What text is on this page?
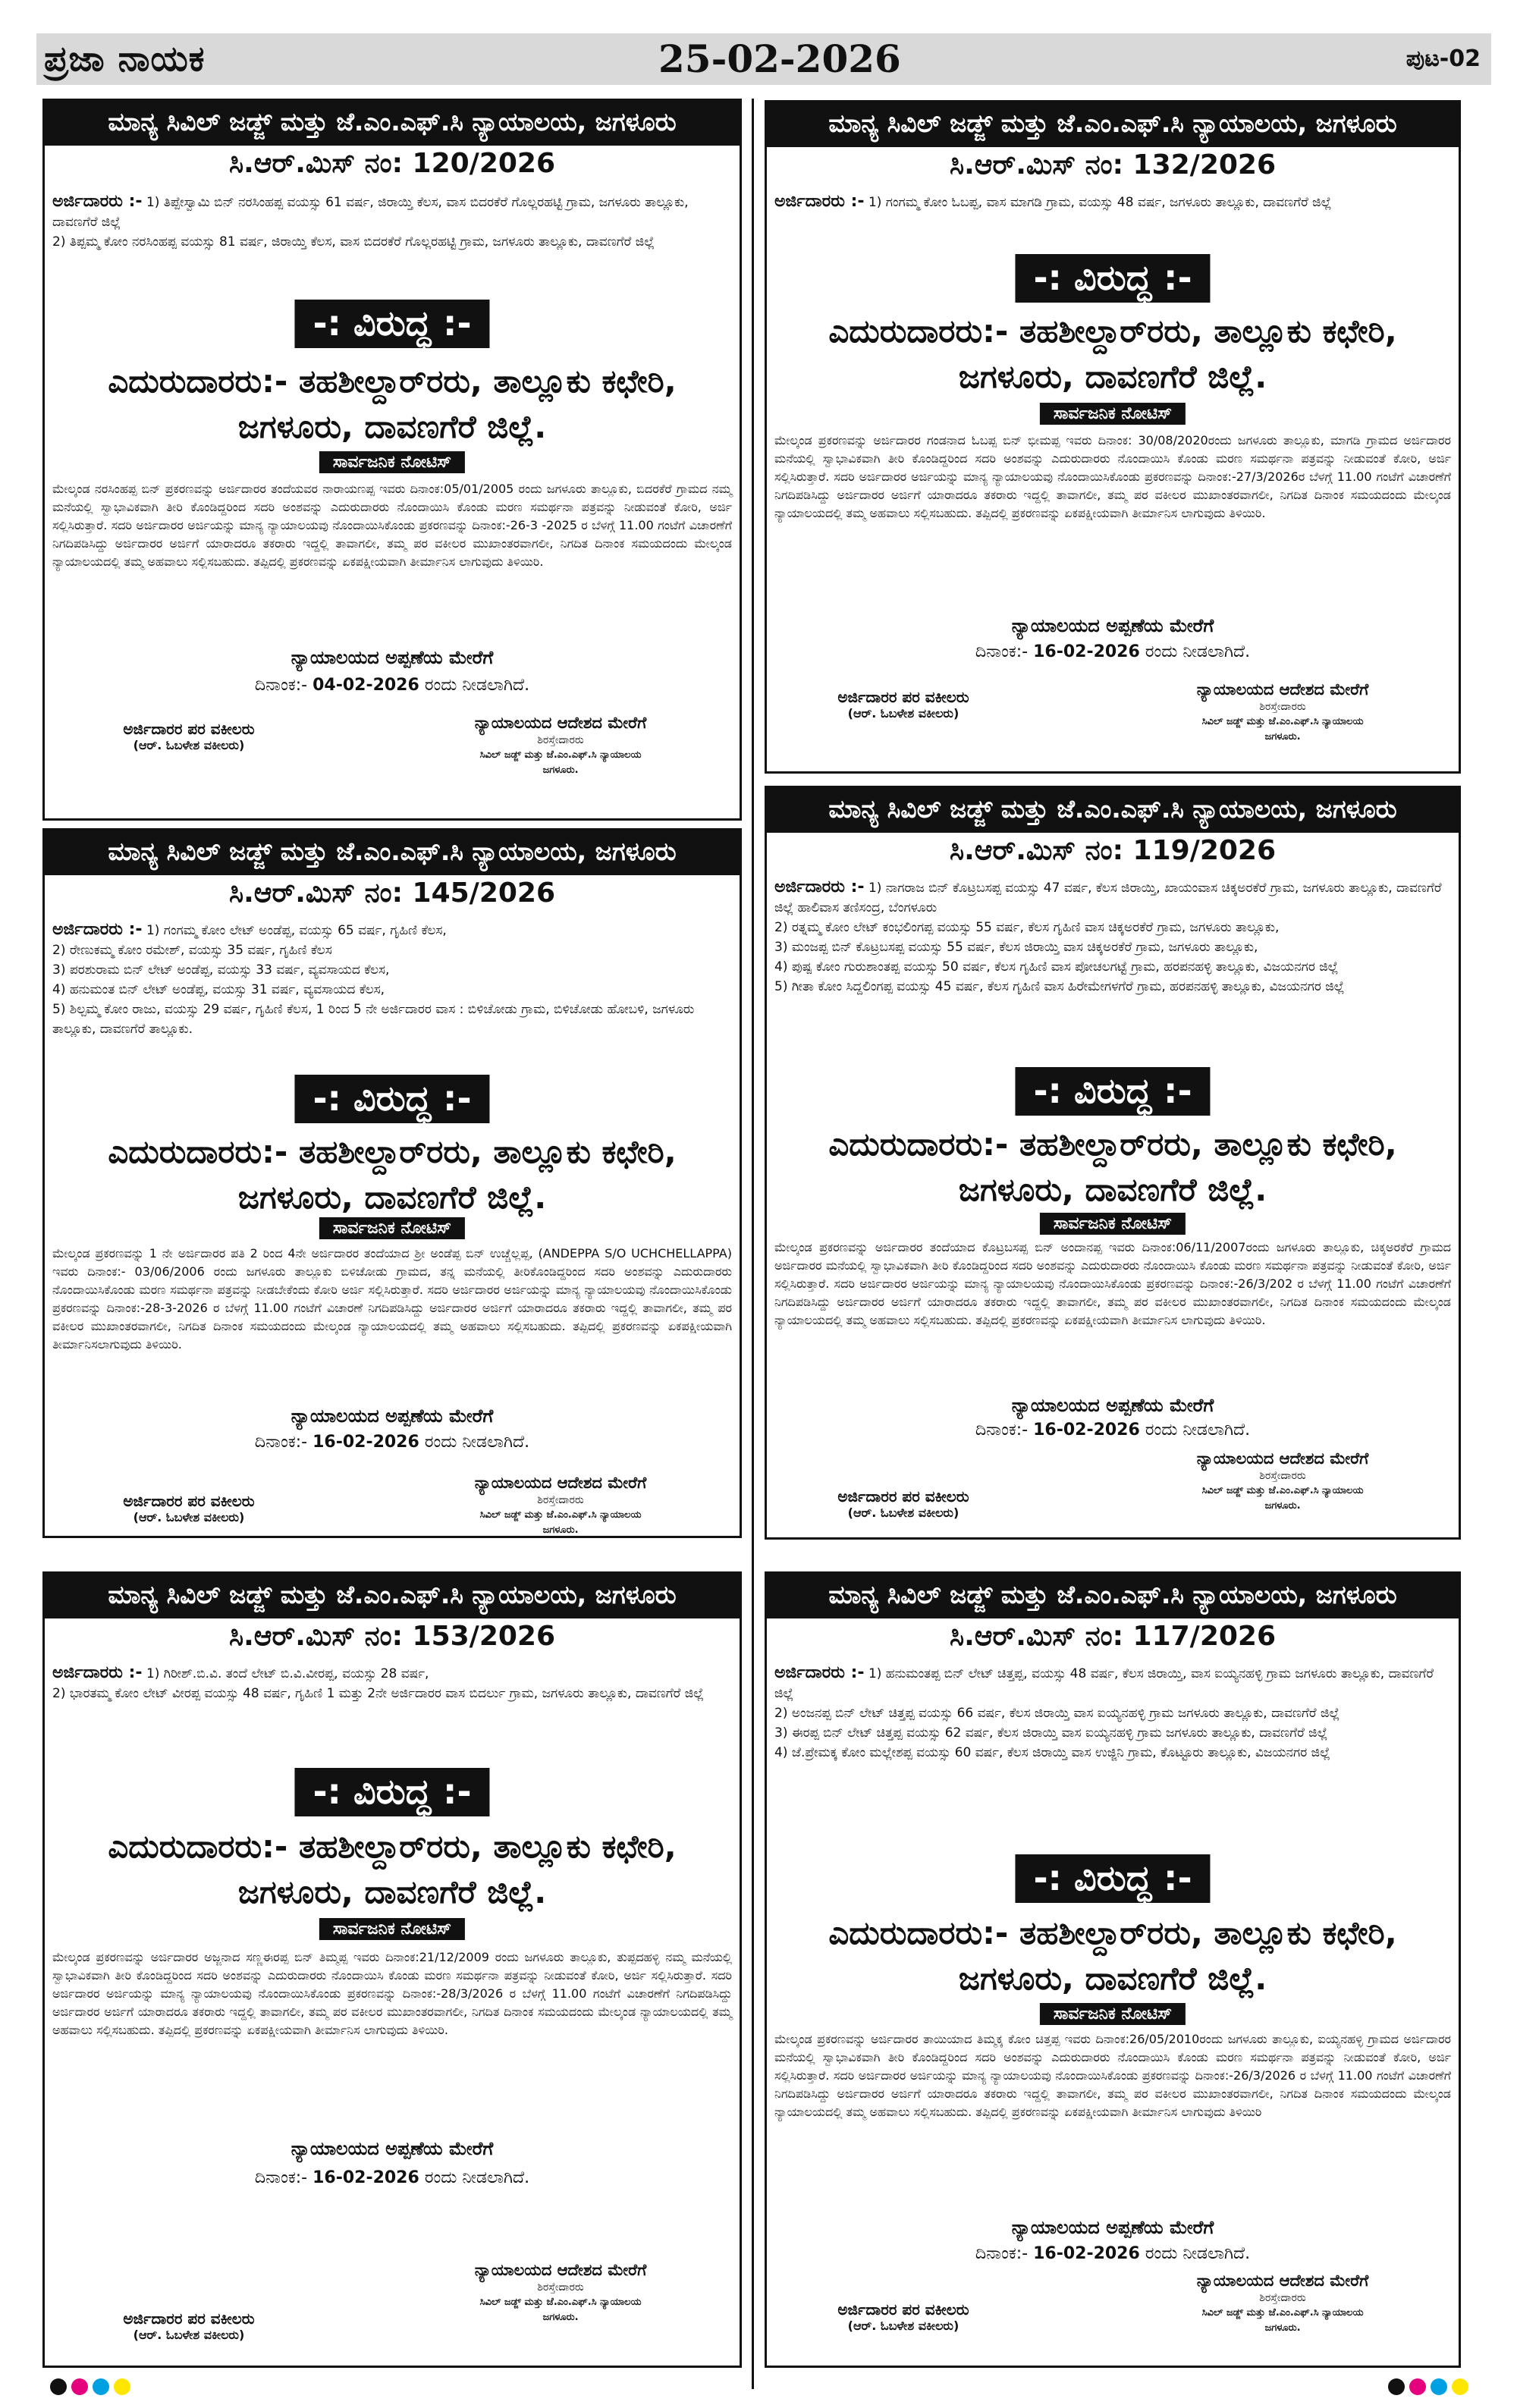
ಪ್ರಜಾ ನಾಯಕ	25-02-2026	ಪುಟ-02
ಮಾನ್ಯ ಸಿವಿಲ್ ಜಡ್ಜ್ ಮತ್ತು ಜೆ.ಎಂ.ಎಫ್.ಸಿ ನ್ಯಾಯಾಲಯ, ಜಗಳೂರು
ಸಿ.ಆರ್.ಮಿಸ್ ನಂ: 120/2026
ಅರ್ಜಿದಾರರು :- 1) ತಿಪ್ಪೇಸ್ವಾಮಿ ಬಿನ್ ನರಸಿಂಹಪ್ಪ ವಯಸ್ಸು 61 ವರ್ಷ, ಜಿರಾಯ್ತಿ ಕೆಲಸ, ವಾಸ ಬಿದರಕೆರೆ ಗೊಲ್ಲರಹಟ್ಟಿ ಗ್ರಾಮ, ಜಗಳೂರು ತಾಲ್ಲೂಕು, ದಾವಣಗೆರೆ ಜಿಲ್ಲೆ
2) ತಿಪ್ಪಮ್ಮ ಕೋಂ ನರಸಿಂಹಪ್ಪ ವಯಸ್ಸು 81 ವರ್ಷ, ಜಿರಾಯ್ತಿ ಕೆಲಸ, ವಾಸ ಬಿದರಕೆರೆ ಗೊಲ್ಲರಹಟ್ಟಿ ಗ್ರಾಮ, ಜಗಳೂರು ತಾಲ್ಲೂಕು, ದಾವಣಗೆರೆ ಜಿಲ್ಲೆ
-: ವಿರುದ್ಧ :-
ಎದುರುದಾರರು:- ತಹಶೀಲ್ದಾರ್‌ರರು, ತಾಲ್ಲೂಕು ಕಛೇರಿ,
ಜಗಳೂರು, ದಾವಣಗೆರೆ ಜಿಲ್ಲೆ.
ಸಾರ್ವಜನಿಕ ನೋಟಿಸ್
ಮೇಲ್ಕಂಡ ನರಸಿಂಹಪ್ಪ ಬಿನ್ ಪ್ರಕರಣವನ್ನು ಅರ್ಜಿದಾರರ ತಂದೆಯವರ ನಾರಾಯಣಪ್ಪ ಇವರು ದಿನಾಂಕ:05/01/2005 ರಂದು ಜಗಳೂರು ತಾಲ್ಲೂಕು, ಬಿದರಕೆರೆ ಗ್ರಾಮದ ನಮ್ಮ ಮನೆಯಲ್ಲಿ ಸ್ವಾಭಾವಿಕವಾಗಿ ತೀರಿ ಕೊಂಡಿದ್ದರಿಂದ ಸದರಿ ಅಂಶವನ್ನು ಎದುರುದಾರರು ನೊಂದಾಯಿಸಿ ಕೊಂಡು ಮರಣ ಸಮರ್ಥನಾ ಪತ್ರವನ್ನು ನೀಡುವಂತೆ ಕೋರಿ, ಅರ್ಜಿ ಸಲ್ಲಿಸಿರುತ್ತಾರೆ. ಸದರಿ ಅರ್ಜಿದಾರರ ಅರ್ಜಿಯನ್ನು ಮಾನ್ಯ ನ್ಯಾಯಾಲಯವು ನೊಂದಾಯಿಸಿಕೊಂಡು ಪ್ರಕರಣವನ್ನು ದಿನಾಂಕ:-26-3 -2025 ರ ಬೆಳಗ್ಗೆ 11.00 ಗಂಟೆಗೆ ವಿಚಾರಣೆಗೆ ನಿಗದಿಪಡಿಸಿದ್ದು ಅರ್ಜಿದಾರರ ಅರ್ಜಿಗೆ ಯಾರಾದರೂ ತಕರಾರು ಇದ್ದಲ್ಲಿ ತಾವಾಗಲೀ, ತಮ್ಮ ಪರ ವಕೀಲರ ಮುಖಾಂತರವಾಗಲೀ, ನಿಗದಿತ ದಿನಾಂಕ ಸಮಯದಂದು ಮೇಲ್ಕಂಡ ನ್ಯಾಯಾಲಯದಲ್ಲಿ ತಮ್ಮ ಅಹವಾಲು ಸಲ್ಲಿಸಬಹುದು. ತಪ್ಪಿದಲ್ಲಿ ಪ್ರಕರಣವನ್ನು ಏಕಪಕ್ಷೀಯವಾಗಿ ತೀರ್ಮಾನಿಸ ಲಾಗುವುದು ತಿಳಿಯಿರಿ.
ನ್ಯಾಯಾಲಯದ ಅಪ್ಪಣೆಯ ಮೇರೆಗೆ
ದಿನಾಂಕ:- 04-02-2026 ರಂದು ನೀಡಲಾಗಿದೆ.
ಅರ್ಜಿದಾರರ ಪರ ವಕೀಲರು
(ಆರ್. ಓಬಳೇಶ ವಕೀಲರು)
ನ್ಯಾಯಾಲಯದ ಆದೇಶದ ಮೇರೆಗೆ
ಶಿರಸ್ತೇದಾರರು
ಸಿವಿಲ್ ಜಡ್ಜ್ ಮತ್ತು ಜೆ.ಎಂ.ಎಫ್.ಸಿ ನ್ಯಾಯಾಲಯ
ಜಗಳೂರು.
ಮಾನ್ಯ ಸಿವಿಲ್ ಜಡ್ಜ್ ಮತ್ತು ಜೆ.ಎಂ.ಎಫ್.ಸಿ ನ್ಯಾಯಾಲಯ, ಜಗಳೂರು
ಸಿ.ಆರ್.ಮಿಸ್ ನಂ: 132/2026
ಅರ್ಜಿದಾರರು :- 1) ಗಂಗಮ್ಮ ಕೋಂ ಓಬಪ್ಪ, ವಾಸ ಮಾಗಡಿ ಗ್ರಾಮ, ವಯಸ್ಸು 48 ವರ್ಷ, ಜಗಳೂರು ತಾಲ್ಲೂಕು, ದಾವಣಗೆರೆ ಜಿಲ್ಲೆ
-: ವಿರುದ್ಧ :-
ಎದುರುದಾರರು:- ತಹಶೀಲ್ದಾರ್‌ರರು, ತಾಲ್ಲೂಕು ಕಛೇರಿ,
ಜಗಳೂರು, ದಾವಣಗೆರೆ ಜಿಲ್ಲೆ.
ಸಾರ್ವಜನಿಕ ನೋಟಿಸ್
ಮೇಲ್ಕಂಡ ಪ್ರಕರಣವನ್ನು ಅರ್ಜಿದಾರರ ಗಂಡನಾದ ಓಬಪ್ಪ ಬಿನ್ ಭೀಮಪ್ಪ ಇವರು ದಿನಾಂಕ: 30/08/2020ರಂದು ಜಗಳೂರು ತಾಲ್ಲೂಕು, ಮಾಗಡಿ ಗ್ರಾಮದ ಅರ್ಜಿದಾರರ ಮನೆಯಲ್ಲಿ ಸ್ವಾಭಾವಿಕವಾಗಿ ತೀರಿ ಕೊಂಡಿದ್ದರಿಂದ ಸದರಿ ಅಂಶವನ್ನು ಎದುರುದಾರರು ನೊಂದಾಯಿಸಿ ಕೊಂಡು ಮರಣ ಸಮರ್ಥನಾ ಪತ್ರವನ್ನು ನೀಡುವಂತೆ ಕೋರಿ, ಅರ್ಜಿ ಸಲ್ಲಿಸಿರುತ್ತಾರೆ. ಸದರಿ ಅರ್ಜಿದಾರರ ಅರ್ಜಿಯನ್ನು ಮಾನ್ಯ ನ್ಯಾಯಾಲಯವು ನೊಂದಾಯಿಸಿಕೊಂಡು ಪ್ರಕರಣವನ್ನು ದಿನಾಂಕ:-27/3/2026ರ ಬೆಳಗ್ಗೆ 11.00 ಗಂಟೆಗೆ ವಿಚಾರಣೆಗೆ ನಿಗದಿಪಡಿಸಿದ್ದು ಅರ್ಜಿದಾರರ ಅರ್ಜಿಗೆ ಯಾರಾದರೂ ತಕರಾರು ಇದ್ದಲ್ಲಿ ತಾವಾಗಲೀ, ತಮ್ಮ ಪರ ವಕೀಲರ ಮುಖಾಂತರವಾಗಲೀ, ನಿಗದಿತ ದಿನಾಂಕ ಸಮಯದಂದು ಮೇಲ್ಕಂಡ ನ್ಯಾಯಾಲಯದಲ್ಲಿ ತಮ್ಮ ಅಹವಾಲು ಸಲ್ಲಿಸಬಹುದು. ತಪ್ಪಿದಲ್ಲಿ ಪ್ರಕರಣವನ್ನು ಏಕಪಕ್ಷೀಯವಾಗಿ ತೀರ್ಮಾನಿಸ ಲಾಗುವುದು ತಿಳಿಯಿರಿ.
ನ್ಯಾಯಾಲಯದ ಅಪ್ಪಣೆಯ ಮೇರೆಗೆ
ದಿನಾಂಕ:- 16-02-2026 ರಂದು ನೀಡಲಾಗಿದೆ.
ಅರ್ಜಿದಾರರ ಪರ ವಕೀಲರು
(ಆರ್. ಓಬಳೇಶ ವಕೀಲರು)
ನ್ಯಾಯಾಲಯದ ಆದೇಶದ ಮೇರೆಗೆ
ಶಿರಸ್ತೇದಾರರು
ಸಿವಿಲ್ ಜಡ್ಜ್ ಮತ್ತು ಜೆ.ಎಂ.ಎಫ್.ಸಿ ನ್ಯಾಯಾಲಯ
ಜಗಳೂರು.
ಮಾನ್ಯ ಸಿವಿಲ್ ಜಡ್ಜ್ ಮತ್ತು ಜೆ.ಎಂ.ಎಫ್.ಸಿ ನ್ಯಾಯಾಲಯ, ಜಗಳೂರು
ಸಿ.ಆರ್.ಮಿಸ್ ನಂ: 145/2026
ಅರ್ಜಿದಾರರು :- 1) ಗಂಗಮ್ಮ ಕೋಂ ಲೇಟ್ ಅಂಡೆಪ್ಪ, ವಯಸ್ಸು 65 ವರ್ಷ, ಗೃಹಿಣಿ ಕೆಲಸ,
2) ರೇಣುಕಮ್ಮ ಕೋಂ ರಮೇಶ್, ವಯಸ್ಸು 35 ವರ್ಷ, ಗೃಹಿಣಿ ಕೆಲಸ
3) ಪರಶುರಾಮ ಬಿನ್ ಲೇಟ್ ಅಂಡೆಪ್ಪ, ವಯಸ್ಸು 33 ವರ್ಷ, ವ್ಯವಸಾಯದ ಕೆಲಸ,
4) ಹನುಮಂತ ಬಿನ್ ಲೇಟ್ ಅಂಡೆಪ್ಪ, ವಯಸ್ಸು 31 ವರ್ಷ, ವ್ಯವಸಾಯದ ಕೆಲಸ,
5) ಶಿಲ್ಪಮ್ಮ ಕೋಂ ರಾಜು, ವಯಸ್ಸು 29 ವರ್ಷ, ಗೃಹಿಣಿ ಕೆಲಸ, 1 ರಿಂದ 5 ನೇ ಅರ್ಜಿದಾರರ ವಾಸ : ಬಿಳಿಚೋಡು ಗ್ರಾಮ, ಬಿಳಿಚೋಡು ಹೋಬಳಿ, ಜಗಳೂರು ತಾಲ್ಲೂಕು, ದಾವಣಗೆರೆ ತಾಲ್ಲೂಕು.
-: ವಿರುದ್ಧ :-
ಎದುರುದಾರರು:- ತಹಶೀಲ್ದಾರ್‌ರರು, ತಾಲ್ಲೂಕು ಕಛೇರಿ,
ಜಗಳೂರು, ದಾವಣಗೆರೆ ಜಿಲ್ಲೆ.
ಸಾರ್ವಜನಿಕ ನೋಟಿಸ್
ಮೇಲ್ಕಂಡ ಪ್ರಕರಣವನ್ನು 1 ನೇ ಅರ್ಜಿದಾರರ ಪತಿ 2 ರಿಂದ 4ನೇ ಅರ್ಜಿದಾರರ ತಂದೆಯಾದ ಶ್ರೀ ಅಂಡೆಪ್ಪ ಬಿನ್ ಉಚ್ಚೆಲ್ಲಪ್ಪ, (ANDEPPA S/O UCHCHELLAPPA) ಇವರು ದಿನಾಂಕ:- 03/06/2006 ರಂದು ಜಗಳೂರು ತಾಲ್ಲೂಕು ಬಿಳಿಚೋಡು ಗ್ರಾಮದ, ತನ್ನ ಮನೆಯಲ್ಲಿ ತೀರಿಕೊಂಡಿದ್ದರಿಂದ ಸದರಿ ಅಂಶವನ್ನು ಎದುರುದಾರರು ನೊಂದಾಯಿಸಿಕೊಂಡು ಮರಣ ಸಮರ್ಥನಾ ಪತ್ರವನ್ನು ನೀಡಬೇಕೆಂದು ಕೋರಿ ಅರ್ಜಿ ಸಲ್ಲಿಸಿರುತ್ತಾರೆ. ಸದರಿ ಅರ್ಜಿದಾರರ ಅರ್ಜಿಯನ್ನು ಮಾನ್ಯ ನ್ಯಾಯಾಲಯವು ನೊಂದಾಯಿಸಿಕೊಂಡು ಪ್ರಕರಣವನ್ನು ದಿನಾಂಕ:-28-3-2026 ರ ಬೆಳಗ್ಗೆ 11.00 ಗಂಟೆಗೆ ವಿಚಾರಣೆ ನಿಗದಿಪಡಿಸಿದ್ದು ಅರ್ಜಿದಾರರ ಅರ್ಜಿಗೆ ಯಾರಾದರೂ ತಕರಾರು ಇದ್ದಲ್ಲಿ ತಾವಾಗಲೀ, ತಮ್ಮ ಪರ ವಕೀಲರ ಮುಖಾಂತರವಾಗಲೀ, ನಿಗದಿತ ದಿನಾಂಕ ಸಮಯದಂದು ಮೇಲ್ಕಂಡ ನ್ಯಾಯಾಲಯದಲ್ಲಿ ತಮ್ಮ ಅಹವಾಲು ಸಲ್ಲಿಸಬಹುದು. ತಪ್ಪಿದಲ್ಲಿ ಪ್ರಕರಣವನ್ನು ಏಕಪಕ್ಷೀಯವಾಗಿ ತೀರ್ಮಾನಿಸಲಾಗುವುದು ತಿಳಿಯಿರಿ.
ನ್ಯಾಯಾಲಯದ ಅಪ್ಪಣೆಯ ಮೇರೆಗೆ
ದಿನಾಂಕ:- 16-02-2026 ರಂದು ನೀಡಲಾಗಿದೆ.
ಅರ್ಜಿದಾರರ ಪರ ವಕೀಲರು
(ಆರ್. ಓಬಳೇಶ ವಕೀಲರು)
ನ್ಯಾಯಾಲಯದ ಆದೇಶದ ಮೇರೆಗೆ
ಶಿರಸ್ತೇದಾರರು
ಸಿವಿಲ್ ಜಡ್ಜ್ ಮತ್ತು ಜೆ.ಎಂ.ಎಫ್.ಸಿ ನ್ಯಾಯಾಲಯ
ಜಗಳೂರು.
ಮಾನ್ಯ ಸಿವಿಲ್ ಜಡ್ಜ್ ಮತ್ತು ಜೆ.ಎಂ.ಎಫ್.ಸಿ ನ್ಯಾಯಾಲಯ, ಜಗಳೂರು
ಸಿ.ಆರ್.ಮಿಸ್ ನಂ: 119/2026
ಅರ್ಜಿದಾರರು :- 1) ನಾಗರಾಜ ಬಿನ್ ಕೊಟ್ರಬಸಪ್ಪ ವಯಸ್ಸು 47 ವರ್ಷ, ಕೆಲಸ ಜಿರಾಯ್ತಿ, ಖಾಯಂವಾಸ ಚಿಕ್ಕಅರಕೆರೆ ಗ್ರಾಮ, ಜಗಳೂರು ತಾಲ್ಲೂಕು, ದಾವಣಗೆರೆ ಜಿಲ್ಲೆ ಹಾಲಿವಾಸ ತಣಿಸಂದ್ರ, ಬೆಂಗಳೂರು
2) ರತ್ನಮ್ಮ ಕೋಂ ಲೇಟ್ ಕಂಭಲಿಂಗಪ್ಪ ವಯಸ್ಸು 55 ವರ್ಷ, ಕೆಲಸ ಗೃಹಿಣಿ ವಾಸ ಚಿಕ್ಕಅರಕೆರೆ ಗ್ರಾಮ, ಜಗಳೂರು ತಾಲ್ಲೂಕು,
3) ಮಂಜಪ್ಪ ಬಿನ್ ಕೊಟ್ರಬಸಪ್ಪ ವಯಸ್ಸು 55 ವರ್ಷ, ಕೆಲಸ ಜಿರಾಯ್ತಿ ವಾಸ ಚಿಕ್ಕಅರಕೆರೆ ಗ್ರಾಮ, ಜಗಳೂರು ತಾಲ್ಲೂಕು,
4) ಪುಷ್ಪ ಕೋಂ ಗುರುಶಾಂತಪ್ಪ ವಯಸ್ಸು 50 ವರ್ಷ, ಕೆಲಸ ಗೃಹಿಣಿ ವಾಸ ಪೋಚಲಗಟ್ಟೆ ಗ್ರಾಮ, ಹರಪನಹಳ್ಳಿ ತಾಲ್ಲೂಕು, ವಿಜಯನಗರ ಜಿಲ್ಲೆ
5) ಗೀತಾ ಕೋಂ ಸಿದ್ದಲಿಂಗಪ್ಪ ವಯಸ್ಸು 45 ವರ್ಷ, ಕೆಲಸ ಗೃಹಿಣಿ ವಾಸ ಹಿರೇಮೇಗಳಗೆರೆ ಗ್ರಾಮ, ಹರಪನಹಳ್ಳಿ ತಾಲ್ಲೂಕು, ವಿಜಯನಗರ ಜಿಲ್ಲೆ
-: ವಿರುದ್ಧ :-
ಎದುರುದಾರರು:- ತಹಶೀಲ್ದಾರ್‌ರರು, ತಾಲ್ಲೂಕು ಕಛೇರಿ,
ಜಗಳೂರು, ದಾವಣಗೆರೆ ಜಿಲ್ಲೆ.
ಸಾರ್ವಜನಿಕ ನೋಟಿಸ್
ಮೇಲ್ಕಂಡ ಪ್ರಕರಣವನ್ನು ಅರ್ಜಿದಾರರ ತಂದೆಯಾದ ಕೊಟ್ರಬಸಪ್ಪ ಬಿನ್ ಅಂದಾನಪ್ಪ ಇವರು ದಿನಾಂಕ:06/11/2007ರಂದು ಜಗಳೂರು ತಾಲ್ಲೂಕು, ಚಿಕ್ಕಅರಕೆರೆ ಗ್ರಾಮದ ಅರ್ಜಿದಾರರ ಮನೆಯಲ್ಲಿ ಸ್ವಾಭಾವಿಕವಾಗಿ ತೀರಿ ಕೊಂಡಿದ್ದರಿಂದ ಸದರಿ ಅಂಶವನ್ನು ಎದುರುದಾರರು ನೊಂದಾಯಿಸಿ ಕೊಂಡು ಮರಣ ಸಮರ್ಥನಾ ಪತ್ರವನ್ನು ನೀಡುವಂತೆ ಕೋರಿ, ಅರ್ಜಿ ಸಲ್ಲಿಸಿರುತ್ತಾರೆ. ಸದರಿ ಅರ್ಜಿದಾರರ ಅರ್ಜಿಯನ್ನು ಮಾನ್ಯ ನ್ಯಾಯಾಲಯವು ನೊಂದಾಯಿಸಿಕೊಂಡು ಪ್ರಕರಣವನ್ನು ದಿನಾಂಕ:-26/3/202 ರ ಬೆಳಗ್ಗೆ 11.00 ಗಂಟೆಗೆ ವಿಚಾರಣೆಗೆ ನಿಗದಿಪಡಿಸಿದ್ದು ಅರ್ಜಿದಾರರ ಅರ್ಜಿಗೆ ಯಾರಾದರೂ ತಕರಾರು ಇದ್ದಲ್ಲಿ ತಾವಾಗಲೀ, ತಮ್ಮ ಪರ ವಕೀಲರ ಮುಖಾಂತರವಾಗಲೀ, ನಿಗದಿತ ದಿನಾಂಕ ಸಮಯದಂದು ಮೇಲ್ಕಂಡ ನ್ಯಾಯಾಲಯದಲ್ಲಿ ತಮ್ಮ ಅಹವಾಲು ಸಲ್ಲಿಸಬಹುದು. ತಪ್ಪಿದಲ್ಲಿ ಪ್ರಕರಣವನ್ನು ಏಕಪಕ್ಷೀಯವಾಗಿ ತೀರ್ಮಾನಿಸ ಲಾಗುವುದು ತಿಳಿಯಿರಿ.
ನ್ಯಾಯಾಲಯದ ಅಪ್ಪಣೆಯ ಮೇರೆಗೆ
ದಿನಾಂಕ:- 16-02-2026 ರಂದು ನೀಡಲಾಗಿದೆ.
ಅರ್ಜಿದಾರರ ಪರ ವಕೀಲರು
(ಆರ್. ಓಬಳೇಶ ವಕೀಲರು)
ನ್ಯಾಯಾಲಯದ ಆದೇಶದ ಮೇರೆಗೆ
ಶಿರಸ್ತೇದಾರರು
ಸಿವಿಲ್ ಜಡ್ಜ್ ಮತ್ತು ಜೆ.ಎಂ.ಎಫ್.ಸಿ ನ್ಯಾಯಾಲಯ
ಜಗಳೂರು.
ಮಾನ್ಯ ಸಿವಿಲ್ ಜಡ್ಜ್ ಮತ್ತು ಜೆ.ಎಂ.ಎಫ್.ಸಿ ನ್ಯಾಯಾಲಯ, ಜಗಳೂರು
ಸಿ.ಆರ್.ಮಿಸ್ ನಂ: 153/2026
ಅರ್ಜಿದಾರರು :- 1) ಗಿರೀಶ್.ಬಿ.ವಿ. ತಂದೆ ಲೇಟ್ ಬಿ.ವಿ.ವೀರಪ್ಪ, ವಯಸ್ಸು 28 ವರ್ಷ,
2) ಭಾರತಮ್ಮ ಕೋಂ ಲೇಟ್ ವೀರಪ್ಪ ವಯಸ್ಸು 48 ವರ್ಷ, ಗೃಹಿಣಿ 1 ಮತ್ತು 2ನೇ ಅರ್ಜಿದಾರರ ವಾಸ ಬಿದರ್ಲು ಗ್ರಾಮ, ಜಗಳೂರು ತಾಲ್ಲೂಕು, ದಾವಣಗೆರೆ ಜಿಲ್ಲೆ
-: ವಿರುದ್ಧ :-
ಎದುರುದಾರರು:- ತಹಶೀಲ್ದಾರ್‌ರರು, ತಾಲ್ಲೂಕು ಕಛೇರಿ,
ಜಗಳೂರು, ದಾವಣಗೆರೆ ಜಿಲ್ಲೆ.
ಸಾರ್ವಜನಿಕ ನೋಟಿಸ್
ಮೇಲ್ಕಂಡ ಪ್ರಕರಣವನ್ನು ಅರ್ಜಿದಾರರ ಅಜ್ಜನಾದ ಸಣ್ಣಈರಪ್ಪ ಬಿನ್ ತಿಮ್ಮಪ್ಪ ಇವರು ದಿನಾಂಕ:21/12/2009 ರಂದು ಜಗಳೂರು ತಾಲ್ಲೂಕು, ತುಪ್ಪದಹಳ್ಳಿ ನಮ್ಮ ಮನೆಯಲ್ಲಿ ಸ್ವಾಭಾವಿಕವಾಗಿ ತೀರಿ ಕೊಂಡಿದ್ದರಿಂದ ಸದರಿ ಅಂಶವನ್ನು ಎದುರುದಾರರು ನೊಂದಾಯಿಸಿ ಕೊಂಡು ಮರಣ ಸಮರ್ಥನಾ ಪತ್ರವನ್ನು ನೀಡುವಂತೆ ಕೋರಿ, ಅರ್ಜಿ ಸಲ್ಲಿಸಿರುತ್ತಾರೆ. ಸದರಿ ಅರ್ಜಿದಾರರ ಅರ್ಜಿಯನ್ನು ಮಾನ್ಯ ನ್ಯಾಯಾಲಯವು ನೊಂದಾಯಿಸಿಕೊಂಡು ಪ್ರಕರಣವನ್ನು ದಿನಾಂಕ:-28/3/2026 ರ ಬೆಳಗ್ಗೆ 11.00 ಗಂಟೆಗೆ ವಿಚಾರಣೆಗೆ ನಿಗದಿಪಡಿಸಿದ್ದು ಅರ್ಜಿದಾರರ ಅರ್ಜಿಗೆ ಯಾರಾದರೂ ತಕರಾರು ಇದ್ದಲ್ಲಿ ತಾವಾಗಲೀ, ತಮ್ಮ ಪರ ವಕೀಲರ ಮುಖಾಂತರವಾಗಲೀ, ನಿಗದಿತ ದಿನಾಂಕ ಸಮಯದಂದು ಮೇಲ್ಕಂಡ ನ್ಯಾಯಾಲಯದಲ್ಲಿ ತಮ್ಮ ಅಹವಾಲು ಸಲ್ಲಿಸಬಹುದು. ತಪ್ಪಿದಲ್ಲಿ ಪ್ರಕರಣವನ್ನು ಏಕಪಕ್ಷೀಯವಾಗಿ ತೀರ್ಮಾನಿಸ ಲಾಗುವುದು ತಿಳಿಯಿರಿ.
ನ್ಯಾಯಾಲಯದ ಅಪ್ಪಣೆಯ ಮೇರೆಗೆ
ದಿನಾಂಕ:- 16-02-2026 ರಂದು ನೀಡಲಾಗಿದೆ.
ಅರ್ಜಿದಾರರ ಪರ ವಕೀಲರು
(ಆರ್. ಓಬಳೇಶ ವಕೀಲರು)
ನ್ಯಾಯಾಲಯದ ಆದೇಶದ ಮೇರೆಗೆ
ಶಿರಸ್ತೇದಾರರು
ಸಿವಿಲ್ ಜಡ್ಜ್ ಮತ್ತು ಜೆ.ಎಂ.ಎಫ್.ಸಿ ನ್ಯಾಯಾಲಯ
ಜಗಳೂರು.
ಮಾನ್ಯ ಸಿವಿಲ್ ಜಡ್ಜ್ ಮತ್ತು ಜೆ.ಎಂ.ಎಫ್.ಸಿ ನ್ಯಾಯಾಲಯ, ಜಗಳೂರು
ಸಿ.ಆರ್.ಮಿಸ್ ನಂ: 117/2026
ಅರ್ಜಿದಾರರು :- 1) ಹನುಮಂತಪ್ಪ ಬಿನ್ ಲೇಟ್ ಚಿತ್ತಪ್ಪ, ವಯಸ್ಸು 48 ವರ್ಷ, ಕೆಲಸ ಜಿರಾಯ್ತಿ, ವಾಸ ಐಯ್ಯನಹಳ್ಳಿ ಗ್ರಾಮ ಜಗಳೂರು ತಾಲ್ಲೂಕು, ದಾವಣಗೆರೆ ಜಿಲ್ಲೆ
2) ಅಂಜನಪ್ಪ ಬಿನ್ ಲೇಟ್ ಚಿತ್ತಪ್ಪ ವಯಸ್ಸು 66 ವರ್ಷ, ಕೆಲಸ ಜಿರಾಯ್ತಿ ವಾಸ ಐಯ್ಯನಹಳ್ಳಿ ಗ್ರಾಮ ಜಗಳೂರು ತಾಲ್ಲೂಕು, ದಾವಣಗೆರೆ ಜಿಲ್ಲೆ
3) ಈರಪ್ಪ ಬಿನ್ ಲೇಟ್ ಚಿತ್ತಪ್ಪ ವಯಸ್ಸು 62 ವರ್ಷ, ಕೆಲಸ ಜಿರಾಯ್ತಿ ವಾಸ ಐಯ್ಯನಹಳ್ಳಿ ಗ್ರಾಮ ಜಗಳೂರು ತಾಲ್ಲೂಕು, ದಾವಣಗೆರೆ ಜಿಲ್ಲೆ
4) ಜೆ.ಪ್ರೇಮಕ್ಕ ಕೋಂ ಮಲ್ಲೇಶಪ್ಪ ವಯಸ್ಸು 60 ವರ್ಷ, ಕೆಲಸ ಜಿರಾಯ್ತಿ ವಾಸ ಉಜ್ಜಿನಿ ಗ್ರಾಮ, ಕೊಟ್ಟೂರು ತಾಲ್ಲೂಕು, ವಿಜಯನಗರ ಜಿಲ್ಲೆ
-: ವಿರುದ್ಧ :-
ಎದುರುದಾರರು:- ತಹಶೀಲ್ದಾರ್‌ರರು, ತಾಲ್ಲೂಕು ಕಛೇರಿ,
ಜಗಳೂರು, ದಾವಣಗೆರೆ ಜಿಲ್ಲೆ.
ಸಾರ್ವಜನಿಕ ನೋಟಿಸ್
ಮೇಲ್ಕಂಡ ಪ್ರಕರಣವನ್ನು ಅರ್ಜಿದಾರರ ತಾಯಿಯಾದ ತಿಮ್ಮಕ್ಕ ಕೋಂ ಚಿತ್ತಪ್ಪ ಇವರು ದಿನಾಂಕ:26/05/2010ರಂದು ಜಗಳೂರು ತಾಲ್ಲೂಕು, ಐಯ್ಯನಹಳ್ಳಿ ಗ್ರಾಮದ ಅರ್ಜಿದಾರರ ಮನೆಯಲ್ಲಿ ಸ್ವಾಭಾವಿಕವಾಗಿ ತೀರಿ ಕೊಂಡಿದ್ದರಿಂದ ಸದರಿ ಅಂಶವನ್ನು ಎದುರುದಾರರು ನೊಂದಾಯಿಸಿ ಕೊಂಡು ಮರಣ ಸಮರ್ಥನಾ ಪತ್ರವನ್ನು ನೀಡುವಂತೆ ಕೋರಿ, ಅರ್ಜಿ ಸಲ್ಲಿಸಿರುತ್ತಾರೆ. ಸದರಿ ಅರ್ಜಿದಾರರ ಅರ್ಜಿಯನ್ನು ಮಾನ್ಯ ನ್ಯಾಯಾಲಯವು ನೊಂದಾಯಿಸಿಕೊಂಡು ಪ್ರಕರಣವನ್ನು ದಿನಾಂಕ:-26/3/2026 ರ ಬೆಳಗ್ಗೆ 11.00 ಗಂಟೆಗೆ ವಿಚಾರಣೆಗೆ ನಿಗದಿಪಡಿಸಿದ್ದು ಅರ್ಜಿದಾರರ ಅರ್ಜಿಗೆ ಯಾರಾದರೂ ತಕರಾರು ಇದ್ದಲ್ಲಿ ತಾವಾಗಲೀ, ತಮ್ಮ ಪರ ವಕೀಲರ ಮುಖಾಂತರವಾಗಲೀ, ನಿಗದಿತ ದಿನಾಂಕ ಸಮಯದಂದು ಮೇಲ್ಕಂಡ ನ್ಯಾಯಾಲಯದಲ್ಲಿ ತಮ್ಮ ಅಹವಾಲು ಸಲ್ಲಿಸಬಹುದು. ತಪ್ಪಿದಲ್ಲಿ ಪ್ರಕರಣವನ್ನು ಏಕಪಕ್ಷೀಯವಾಗಿ ತೀರ್ಮಾನಿಸ ಲಾಗುವುದು ತಿಳಿಯಿರಿ
ನ್ಯಾಯಾಲಯದ ಅಪ್ಪಣೆಯ ಮೇರೆಗೆ
ದಿನಾಂಕ:- 16-02-2026 ರಂದು ನೀಡಲಾಗಿದೆ.
ಅರ್ಜಿದಾರರ ಪರ ವಕೀಲರು
(ಆರ್. ಓಬಳೇಶ ವಕೀಲರು)
ನ್ಯಾಯಾಲಯದ ಆದೇಶದ ಮೇರೆಗೆ
ಶಿರಸ್ತೇದಾರರು
ಸಿವಿಲ್ ಜಡ್ಜ್ ಮತ್ತು ಜೆ.ಎಂ.ಎಫ್.ಸಿ ನ್ಯಾಯಾಲಯ
ಜಗಳೂರು.
